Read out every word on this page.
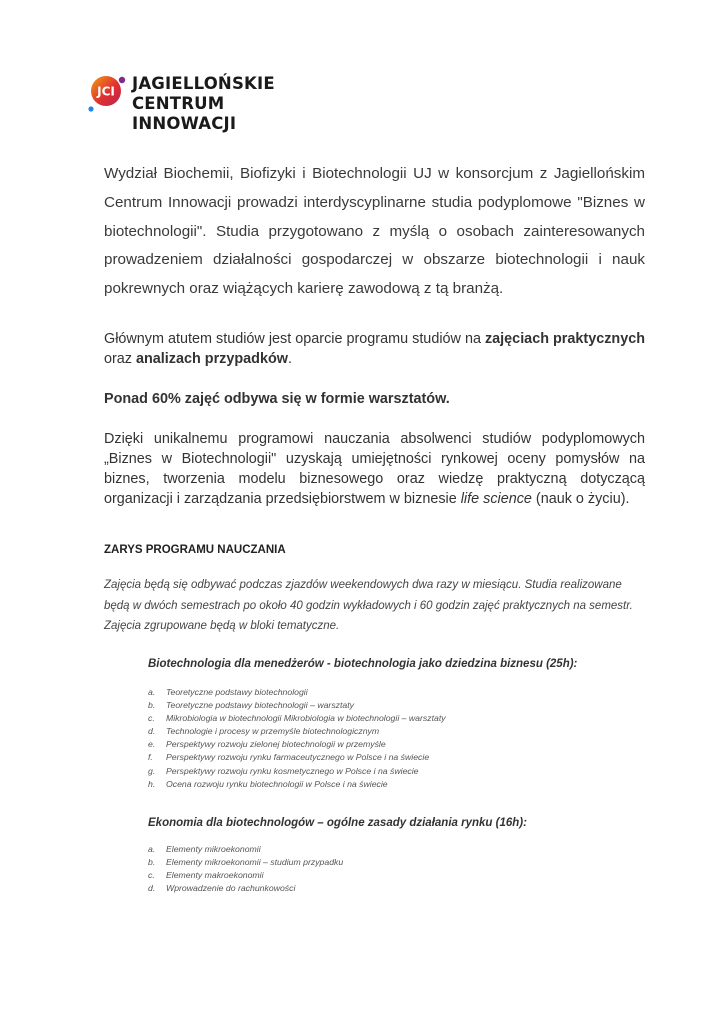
JCI JAGIELLOŃSKIE
CENTRUM INNOWACJI

Wydział Biochemii, Biofizyki i Biotechnologii UJ w konsorcjum z Jagiellońskim Centrum Innowacji prowadzi interdyscyplinarne studia podyplomowe "Biznes w biotechnologii". Studia przygotowano z myślą o osobach zainteresowanych prowadzeniem działalności gospodarczej w obszarze biotechnologii i nauk pokrewnych oraz wiążących karierę zawodową z tą branżą.

Głównym atutem studiów jest oparcie programu studiów na zajęciach praktycznych oraz analizach przypadków.

Ponad 60% zajęć odbywa się w formie warsztatów.

Dzięki unikalnemu programowi nauczania absolwenci studiów podyplomowych „Biznes w Biotechnologii" uzyskają umiejętności rynkowej oceny pomysłów na biznes, tworzenia modelu biznesowego oraz wiedzę praktyczną dotyczącą organizacji i zarządzania przedsiębiorstwem w biznesie life science (nauk o życiu).

ZARYS PROGRAMU NAUCZANIA

Zajęcia będą się odbywać podczas zjazdów weekendowych dwa razy w miesiącu. Studia realizowane będą w dwóch semestrach po około 40 godzin wykładowych i 60 godzin zajęć praktycznych na semestr. Zajęcia zgrupowane będą w bloki tematyczne.

Biotechnologia dla menedżerów - biotechnologia jako dziedzina biznesu (25h):

a. Teoretyczne podstawy biotechnologii
b. Teoretyczne podstawy biotechnologii – warsztaty
c. Mikrobiologia w biotechnologii Mikrobiologia w biotechnologii – warsztaty
d. Technologie i procesy w przemyśle biotechnologicznym
e. Perspektywy rozwoju zielonej biotechnologii w przemyśle
f. Perspektywy rozwoju rynku farmaceutycznego w Polsce i na świecie
g. Perspektywy rozwoju rynku kosmetycznego w Polsce i na świecie
h. Ocena rozwoju rynku biotechnologii w Polsce i na świecie

Ekonomia dla biotechnologów – ogólne zasady działania rynku (16h):

a. Elementy mikroekonomii
b. Elementy mikroekonomii – studium przypadku
c. Elementy makroekonomii
d. Wprowadzenie do rachunkowości
